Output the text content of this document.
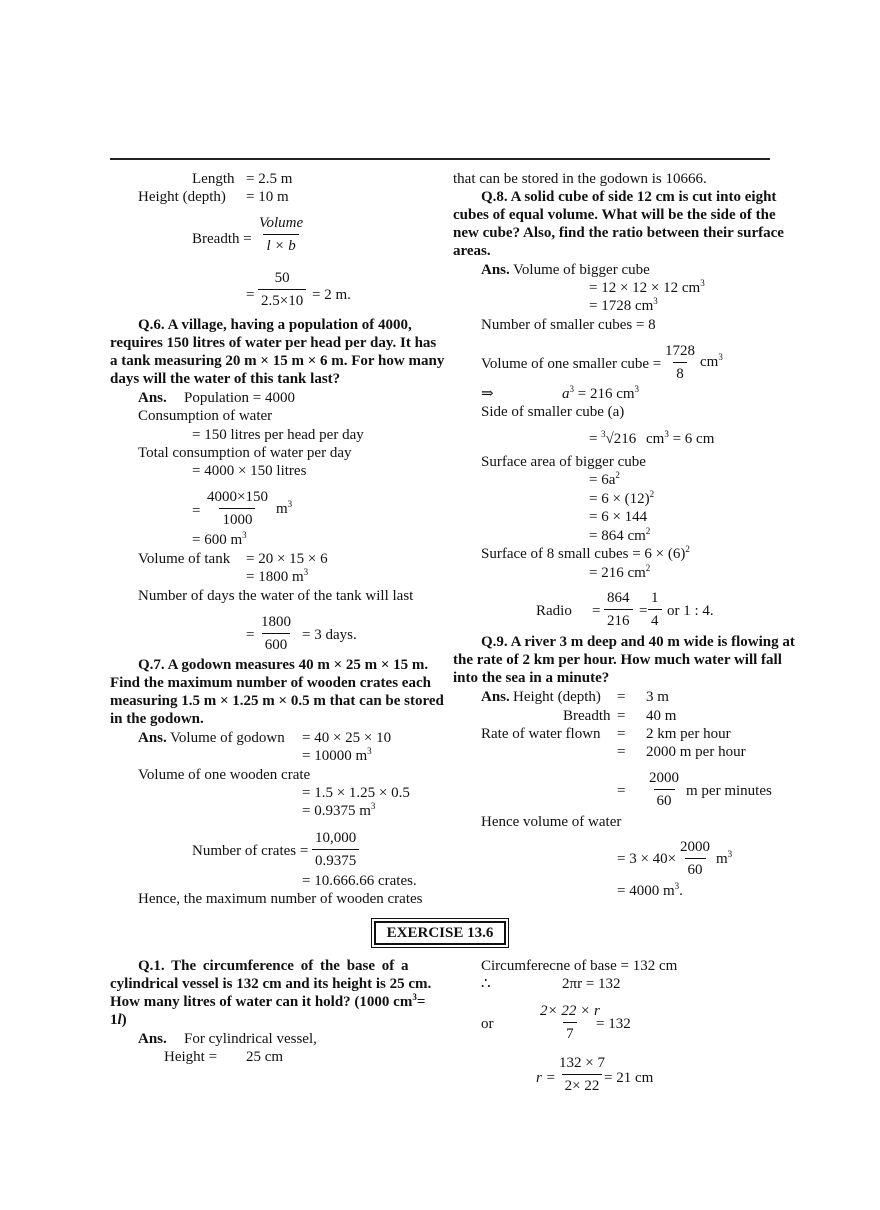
Length = 2.5 m
Height (depth) = 10 m
Breadth =
Volume
l × b
= $\frac{50}{2.5\times 10} = 2$ m.

Q.6. A village, having a population of 4000,

requires 150 litres of water per head per day. It has

a tank measuring 20 m × 15 m × 6 m. For how many

days will the water of this tank last?

Ans. Population = 4000
Consumption of water
= 150 litres per head per day
Total consumption of water per day
= 4000 × 150 litres
= $\frac{4000\times 150}{1000} m^3$
= 600 $m^3$
Volume of tank = 20 × 15 × 6
= 1800 $m^3$
Number of days the water of the tank will last
= $\frac{1800}{600} = 3$ days.

Q.7. A godown measures 40 m × 25 m × 15 m.

Find the maximum number of wooden crates each

measuring 1.5 m × 1.25 m × 0.5 m that can be stored

in the godown.

Ans. Volume of godown = 40 × 25 × 10
= 10000 $m^3$
Volume of one wooden crate
= 1.5 × 1.25 × 0.5
= 0.9375 $m^3$
Number of crates = $\frac{10,000}{0.9375}$
= 10.666.66 crates.
Hence, the maximum number of wooden crates
that can be stored in the godown is 10666.

Q.8. A solid cube of side 12 cm is cut into eight

cubes of equal volume. What will be the side of the

new cube? Also, find the ratio between their surface

areas.

Ans. Volume of bigger cube
= 12 × 12 × 12 $cm^3$
= 1728 $cm^3$
Number of smaller cubes = 8
Volume of one smaller cube = $\frac{1728}{8} cm^3$
⇒	$a^3 = 216$ $cm^3$
Side of smaller cube (a)
= $^3$√216 $cm^3 = 6$ cm
Surface area of bigger cube
= $6a^2$
= $6 \times (12)^2$
= 6 × 144
= 864 $cm^2$
Surface of 8 small cubes = $6 \times (6)^2$
= 216 $cm^2$
Radio = $\frac{864}{216} = \frac{1}{4}$ or 1 : 4.

Q.9. A river 3 m deep and 40 m wide is flowing at

the rate of 2 km per hour. How much water will fall

into the sea in a minute?

Ans. Height (depth) = 3 m
Breadth = 40 m
Rate of water flown = 2 km per hour
= 2000 m per hour
= $\frac{2000}{60}$ m per minutes
Hence volume of water
= $3 \times 40\times \frac{2000}{60} m^3$
= 4000 $m^3$.
EXERCISE 13.6

Q.1. The circumference of the base of a

cylindrical vessel is 132 cm and its height is 25 cm.

How many litres of water can it hold? (1000 $cm^3=$

1l)

Ans. For cylindrical vessel,
Height = 25 cm
Circumferecne of base = 132 cm
∴	2πr = 132
or	$\frac{2\times 22 \times r}{7}$
= 132
$r = \frac{132 \times 7}{2\times 22}$
= 21 cm
